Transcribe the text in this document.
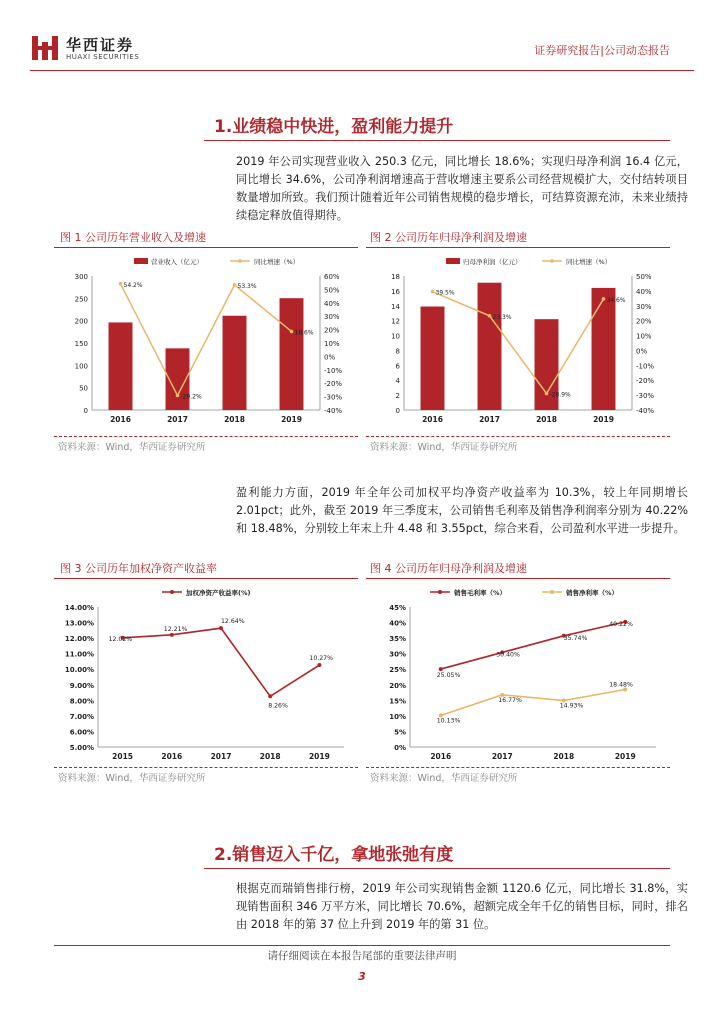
华西证券
HUAXI SECURITIES	证券研究报告|公司动态报告
1.业绩稳中快进，盈利能力提升

2019 年公司实现营业收入 250.3 亿元，同比增长 18.6%；实现归母净利润 16.4 亿元，同比增长 34.6%，公司净利润增速高于营收增速主要系公司经营规模扩大，交付结转项目数量增加所致。我们预计随着近年公司销售规模的稳步增长，可结算资源充沛，未来业绩持续稳定释放值得期待。

图 1 公司历年营业收入及增速	图 2 公司历年归母净利润及增速
0
50
100
150
200
250
300
-40%
-30%
-20%
-10%
0%
10%
20%
30%
40%
50%
60%
2016	2017	2018	2019
54.2%
-29.2%
53.3%
18.6%
营业收入（亿元）	同比增速（%）
0
2
4
6
8
10
12
14
16
18
-40%
-30%
-20%
-10%
0%
10%
20%
30%
40%
50%
2016	2017	2018	2019
39.5%
23.3%
-28.9%
34.6%
归母净利润（亿元）	同比增速（%）
资料来源：Wind，华西证券研究所	资料来源：Wind，华西证券研究所

盈利能力方面，2019 年全年公司加权平均净资产收益率为 10.3%，较上年同期增长 2.01pct；此外，截至 2019 年三季度末，公司销售毛利率及销售净利润率分别为 40.22%和 18.48%，分别较上年末上升 4.48 和 3.55pct，综合来看，公司盈利水平进一步提升。

图 3 公司历年加权净资产收益率	图 4 公司历年归母净利润及增速
5.00%
6.00%
7.00%
8.00%
9.00%
10.00%
11.00%
12.00%
13.00%
14.00%
2015	2016	2017	2018	2019
12.02%
12.21%
12.64%
8.26%
10.27%
加权净资产收益率(%)
0%
5%
10%
15%
20%
25%
30%
35%
40%
45%
2016	2017	2018	2019
25.05%
30.40%
35.74%
40.22%
销售毛利率（%）
10.13%
16.77%
14.93%
18.48%
销售净利率（%）
资料来源：Wind，华西证券研究所	资料来源：Wind，华西证券研究所
2.销售迈入千亿，拿地张弛有度

根据克而瑞销售排行榜，2019 年公司实现销售金额 1120.6 亿元，同比增长 31.8%，实现销售面积 346 万平方米，同比增长 70.6%，超额完成全年千亿的销售目标，同时，排名由 2018 年的第 37 位上升到 2019 年的第 31 位。

请仔细阅读在本报告尾部的重要法律声明
3
